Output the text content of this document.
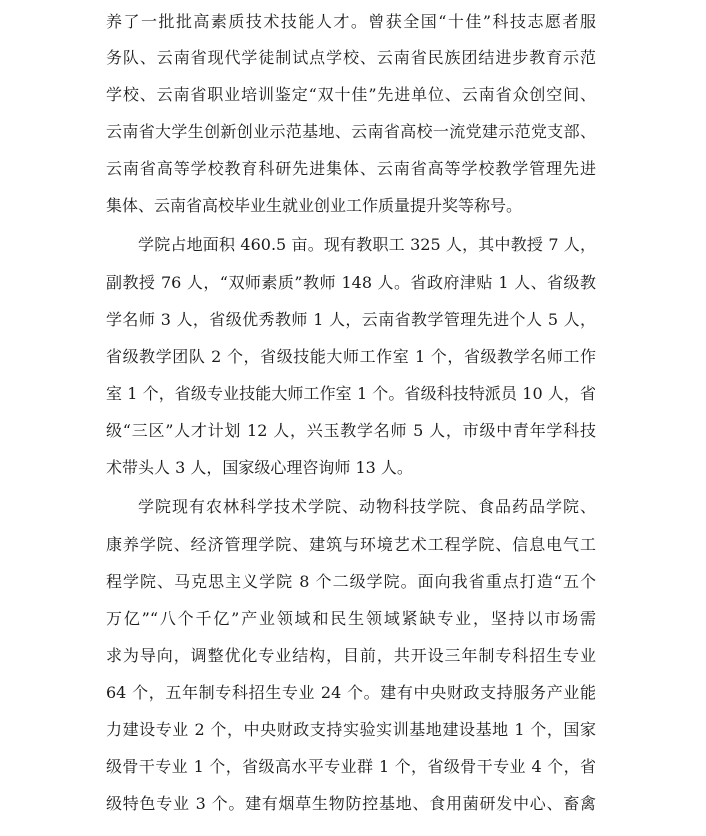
养了一批批高素质技术技能人才。曾获全国“十佳”科技志愿者服
务队、云南省现代学徒制试点学校、云南省民族团结进步教育示范
学校、云南省职业培训鉴定“双十佳”先进单位、云南省众创空间、
云南省大学生创新创业示范基地、云南省高校一流党建示范党支部、
云南省高等学校教育科研先进集体、云南省高等学校教学管理先进
集体、云南省高校毕业生就业创业工作质量提升奖等称号。
学院占地面积 460.5 亩。现有教职工 325 人，其中教授 7 人，
副教授 76 人，“双师素质”教师 148 人。省政府津贴 1 人、省级教
学名师 3 人，省级优秀教师 1 人，云南省教学管理先进个人 5 人，
省级教学团队 2 个，省级技能大师工作室 1 个，省级教学名师工作
室 1 个，省级专业技能大师工作室 1 个。省级科技特派员 10 人，省
级“三区”人才计划 12 人，兴玉教学名师 5 人，市级中青年学科技
术带头人 3 人，国家级心理咨询师 13 人。
学院现有农林科学技术学院、动物科技学院、食品药品学院、
康养学院、经济管理学院、建筑与环境艺术工程学院、信息电气工
程学院、马克思主义学院 8 个二级学院。面向我省重点打造“五个
万亿”“八个千亿”产业领域和民生领域紧缺专业，坚持以市场需
求为导向，调整优化专业结构，目前，共开设三年制专科招生专业
64 个，五年制专科招生专业 24 个。建有中央财政支持服务产业能
力建设专业 2 个，中央财政支持实验实训基地建设基地 1 个，国家
级骨干专业 1 个，省级高水平专业群 1 个，省级骨干专业 4 个，省
级特色专业 3 个。建有烟草生物防控基地、食用菌研发中心、畜禽
